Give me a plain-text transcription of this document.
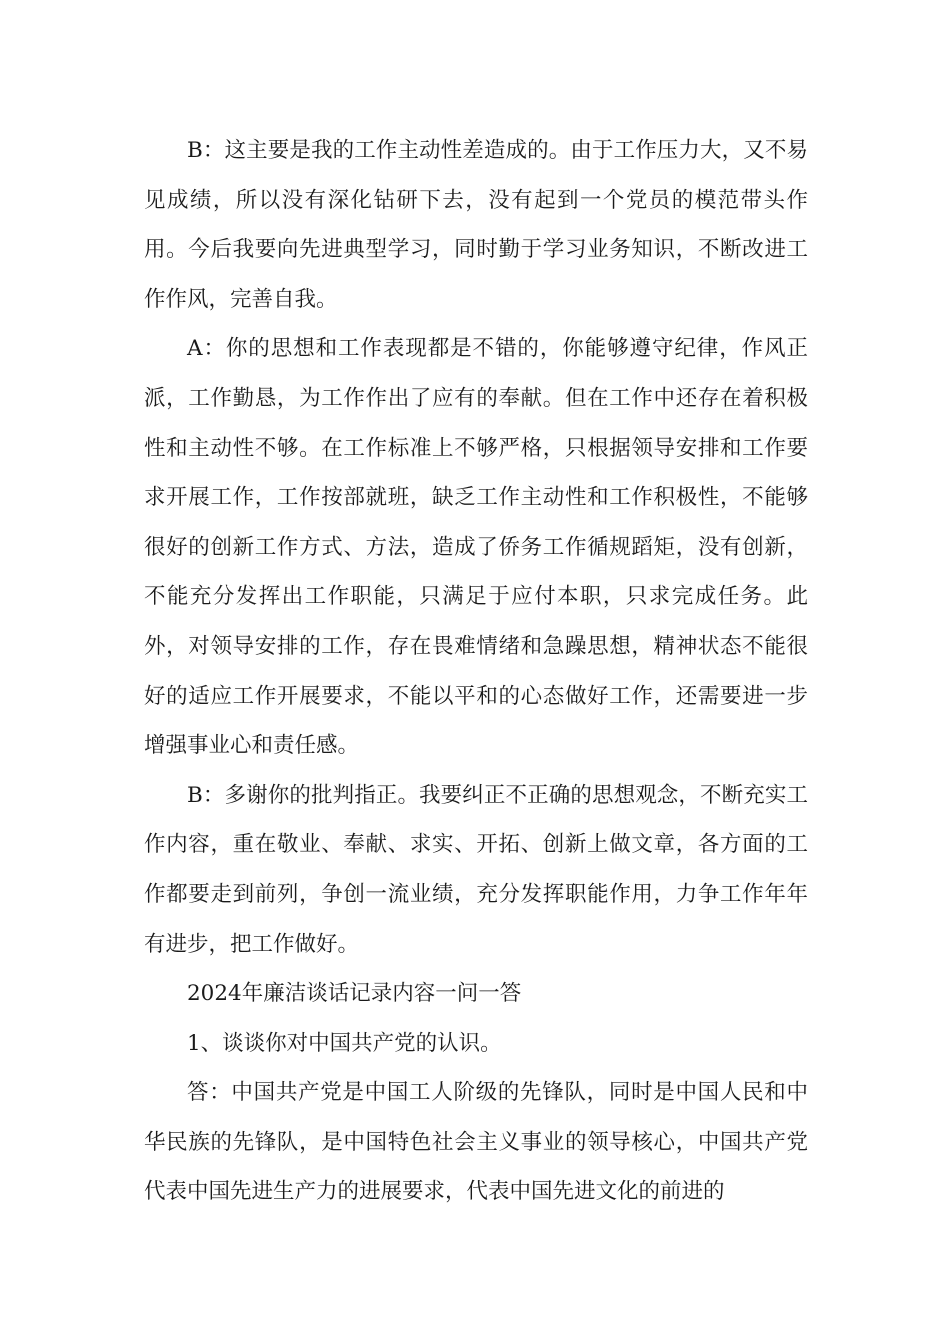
B：这主要是我的工作主动性差造成的。由于工作压力大，又不易见成绩，所以没有深化钻研下去，没有起到一个党员的模范带头作用。今后我要向先进典型学习，同时勤于学习业务知识，不断改进工作作风，完善自我。

A：你的思想和工作表现都是不错的，你能够遵守纪律，作风正派，工作勤恳，为工作作出了应有的奉献。但在工作中还存在着积极性和主动性不够。在工作标准上不够严格，只根据领导安排和工作要求开展工作，工作按部就班，缺乏工作主动性和工作积极性，不能够很好的创新工作方式、方法，造成了侨务工作循规蹈矩，没有创新，不能充分发挥出工作职能，只满足于应付本职，只求完成任务。此外，对领导安排的工作，存在畏难情绪和急躁思想，精神状态不能很好的适应工作开展要求，不能以平和的心态做好工作，还需要进一步增强事业心和责任感。

B：多谢你的批判指正。我要纠正不正确的思想观念，不断充实工作内容，重在敬业、奉献、求实、开拓、创新上做文章，各方面的工作都要走到前列，争创一流业绩，充分发挥职能作用，力争工作年年有进步，把工作做好。

2024年廉洁谈话记录内容一问一答

1、谈谈你对中国共产党的认识。

答：中国共产党是中国工人阶级的先锋队，同时是中国人民和中华民族的先锋队，是中国特色社会主义事业的领导核心，中国共产党代表中国先进生产力的进展要求，代表中国先进文化的前进的
